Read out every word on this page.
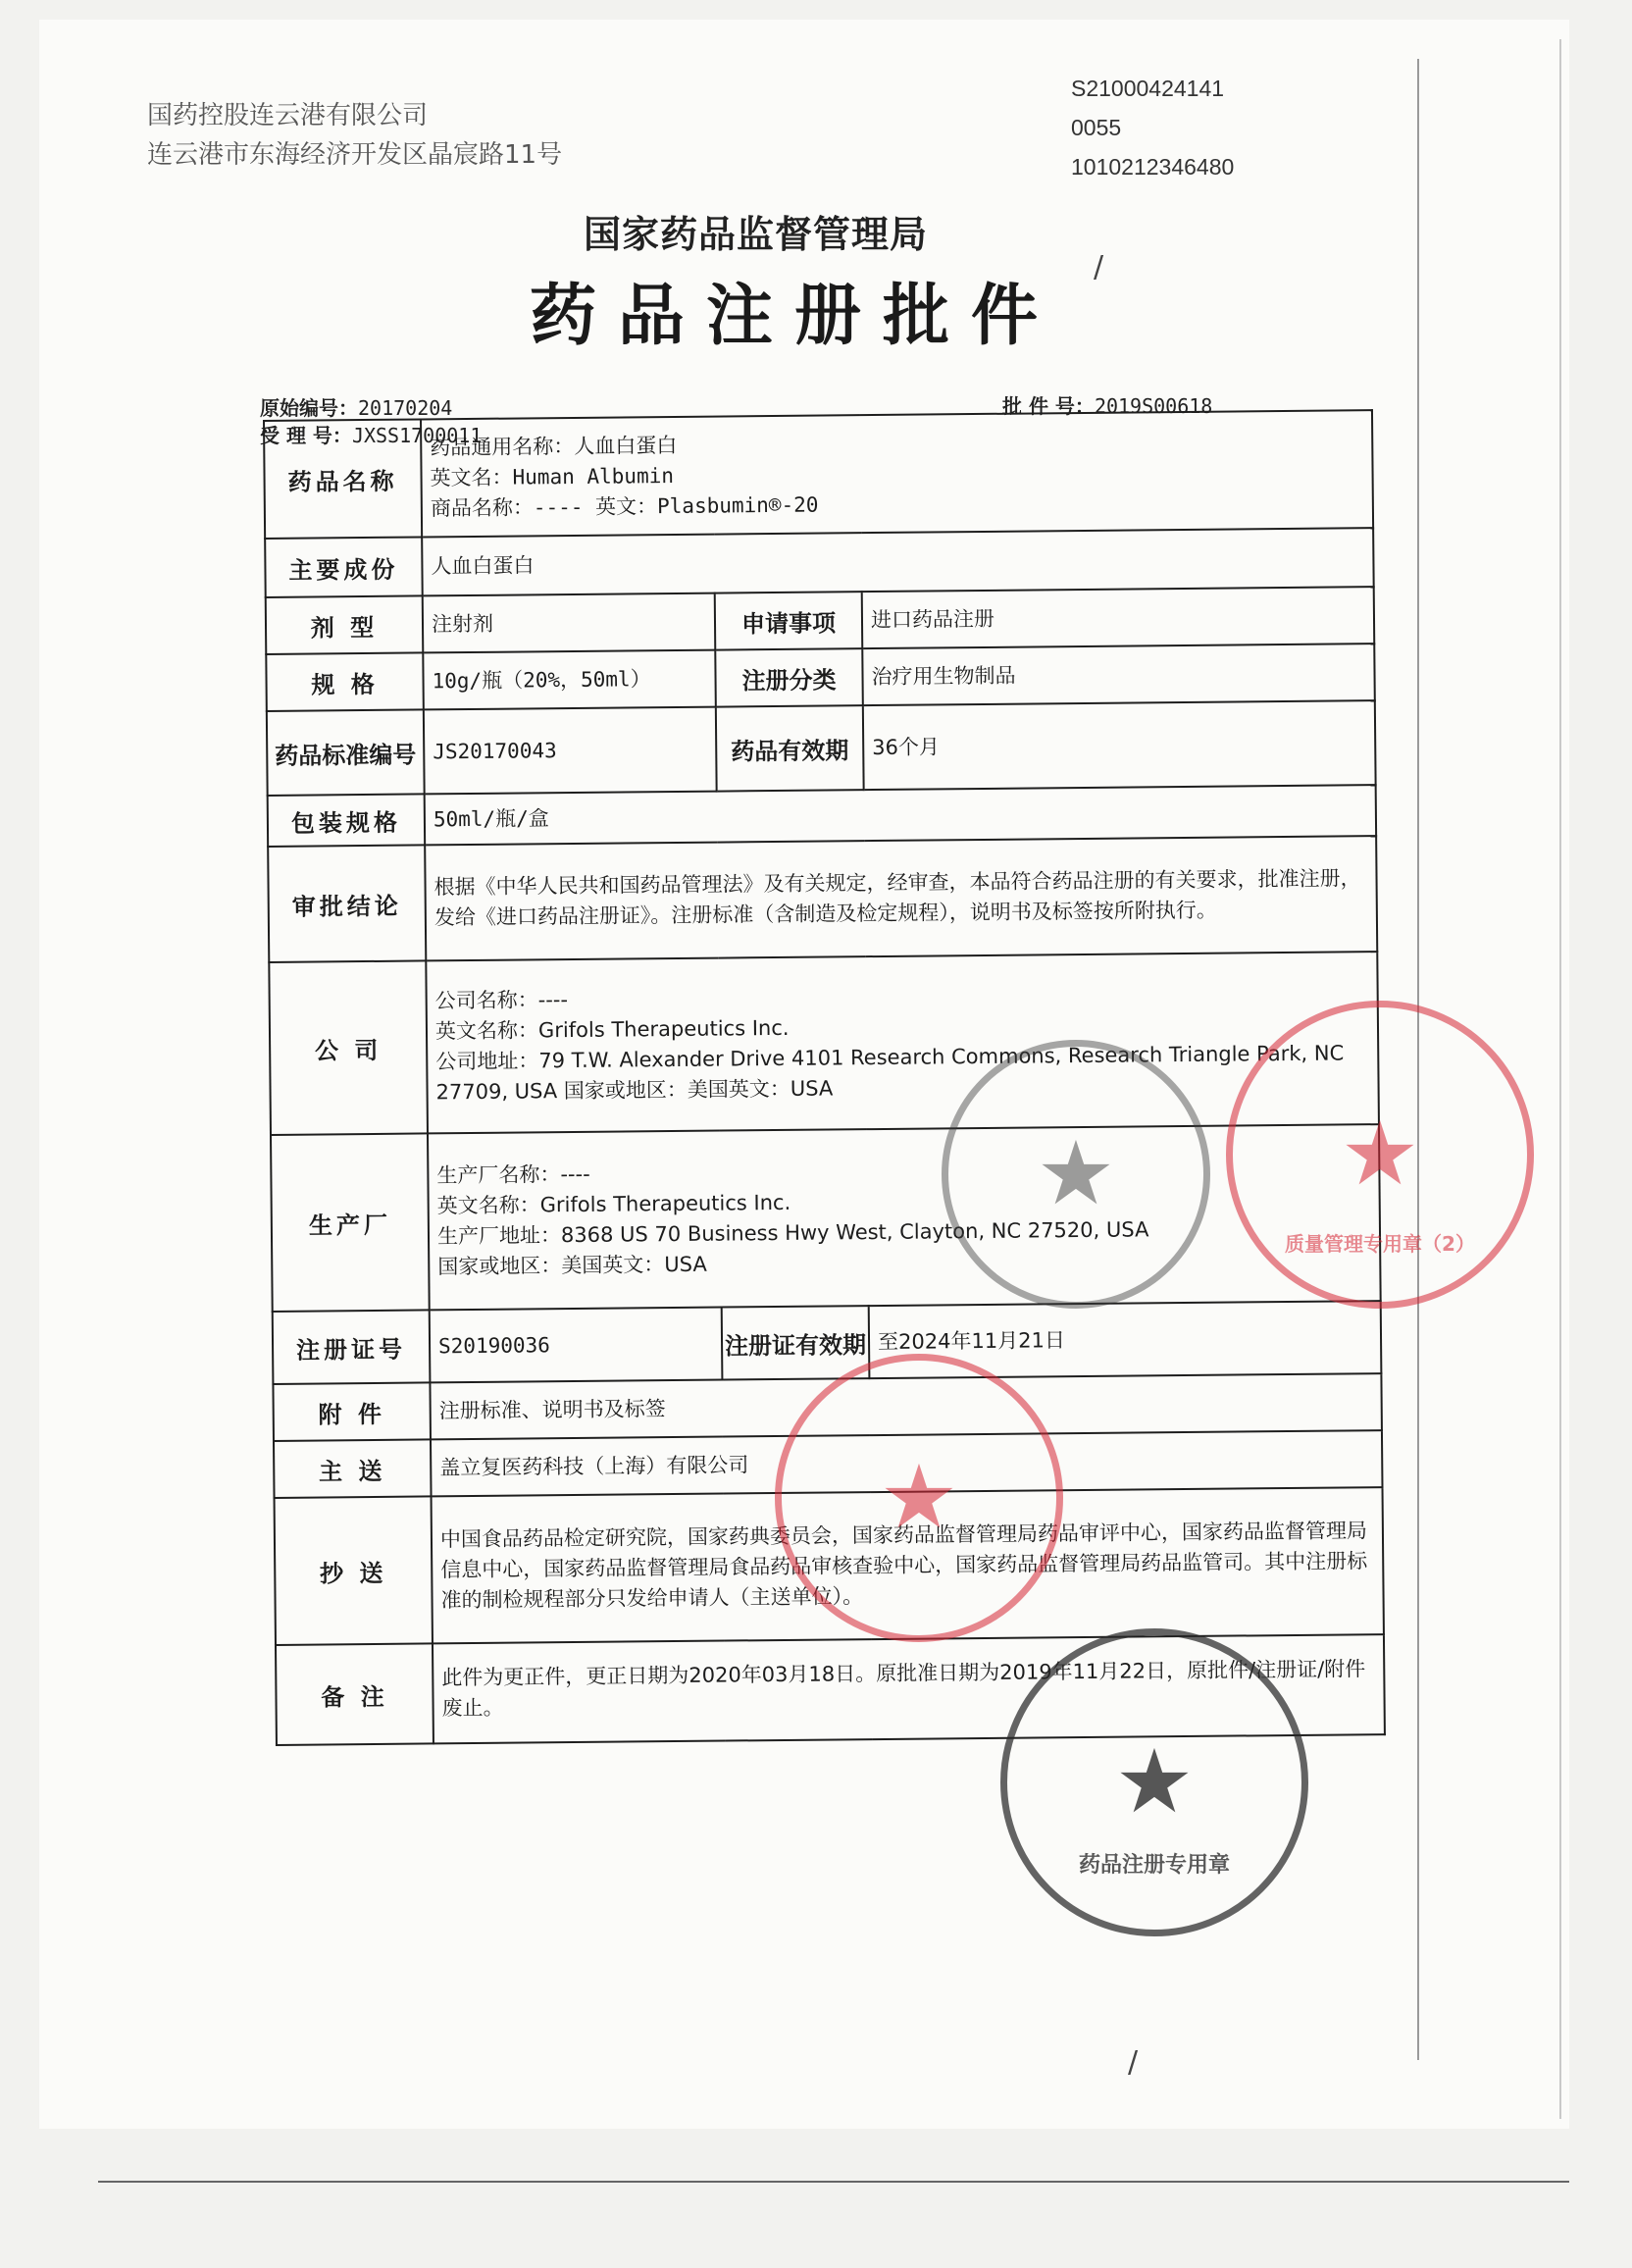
国药控股连云港有限公司
连云港市东海经济开发区晶宸路11号
S21000424141
0055
1010212346480
国家药品监督管理局
药品注册批件
原始编号：20170204
受 理 号：JXSS1700011
批 件 号：2019S00618
药品名称	药品通用名称：人血白蛋白
英文名：Human Albumin
商品名称：---- 英文：Plasbumin®-20		

主要成份	人血白蛋白		
剂 型	注射剂	申请事项	进口药品注册
规 格	10g/瓶（20%，50ml）	注册分类	治疗用生物制品
药品标准编号	JS20170043	药品有效期	36个月
包装规格	50ml/瓶/盒		
审批结论	根据《中华人民共和国药品管理法》及有关规定，经审查，本品符合药品注册的有关要求，批准注册，发给《进口药品注册证》。注册标准（含制造及检定规程），说明书及标签按所附执行。		
公 司	公司名称：----
英文名称：Grifols Therapeutics Inc.
公司地址：79 T.W. Alexander Drive 4101 Research Commons, Research Triangle Park, NC 27709, USA 国家或地区：美国英文：USA		

生产厂	生产厂名称：----
英文名称：Grifols Therapeutics Inc.
生产厂地址：8368 US 70 Business Hwy West, Clayton, NC 27520, USA
国家或地区：美国英文：USA		

注册证号	S20190036	注册证有效期	至2024年11月21日
附 件	注册标准、说明书及标签		
主 送	盖立复医药科技（上海）有限公司		
抄 送	中国食品药品检定研究院，国家药典委员会，国家药品监督管理局药品审评中心，国家药品监督管理局信息中心，国家药品监督管理局食品药品审核查验中心，国家药品监督管理局药品监管司。其中注册标准的制检规程部分只发给申请人（主送单位）。		
备 注	此件为更正件，更正日期为2020年03月18日。原批准日期为2019年11月22日，原批件/注册证/附件废止。		
★	★
质量管理专用章（2）
★
★
药品注册专用章
/
/
